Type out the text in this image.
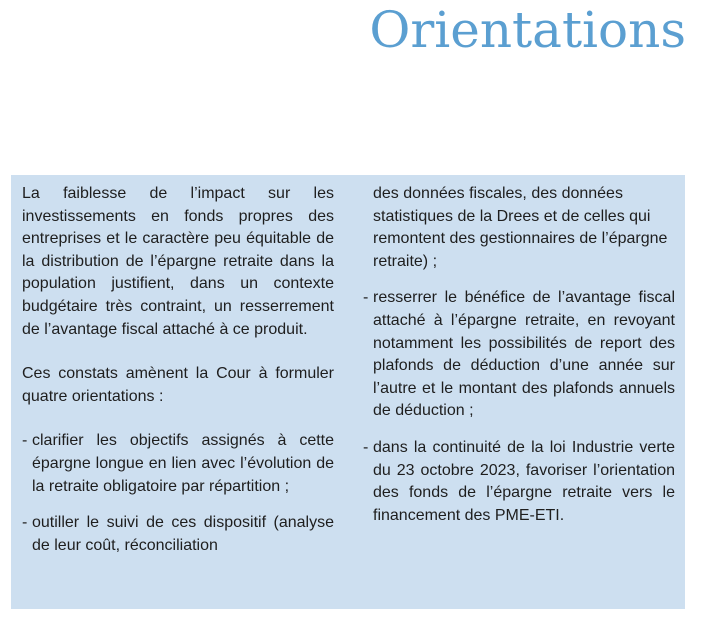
Orientations

La faiblesse de l’impact sur les investissements en fonds propres des entreprises et le caractère peu équitable de la distribution de l’épargne retraite dans la population justifient, dans un contexte budgétaire très contraint, un resserrement de l’avantage fiscal attaché à ce produit.

Ces constats amènent la Cour à formuler quatre orientations :

- clarifier les objectifs assignés à cette épargne longue en lien avec l’évolution de la retraite obligatoire par répartition ;

- outiller le suivi de ces dispositif (analyse de leur coût, réconciliation

des données fiscales, des données statistiques de la Drees et de celles qui remontent des gestionnaires de l’épargne retraite) ;

- resserrer le bénéfice de l’avantage fiscal attaché à l’épargne retraite, en revoyant notamment les possibilités de report des plafonds de déduction d’une année sur l’autre et le montant des plafonds annuels de déduction ;

- dans la continuité de la loi Industrie verte du 23 octobre 2023, favoriser l’orientation des fonds de l’épargne retraite vers le financement des PME-ETI.
